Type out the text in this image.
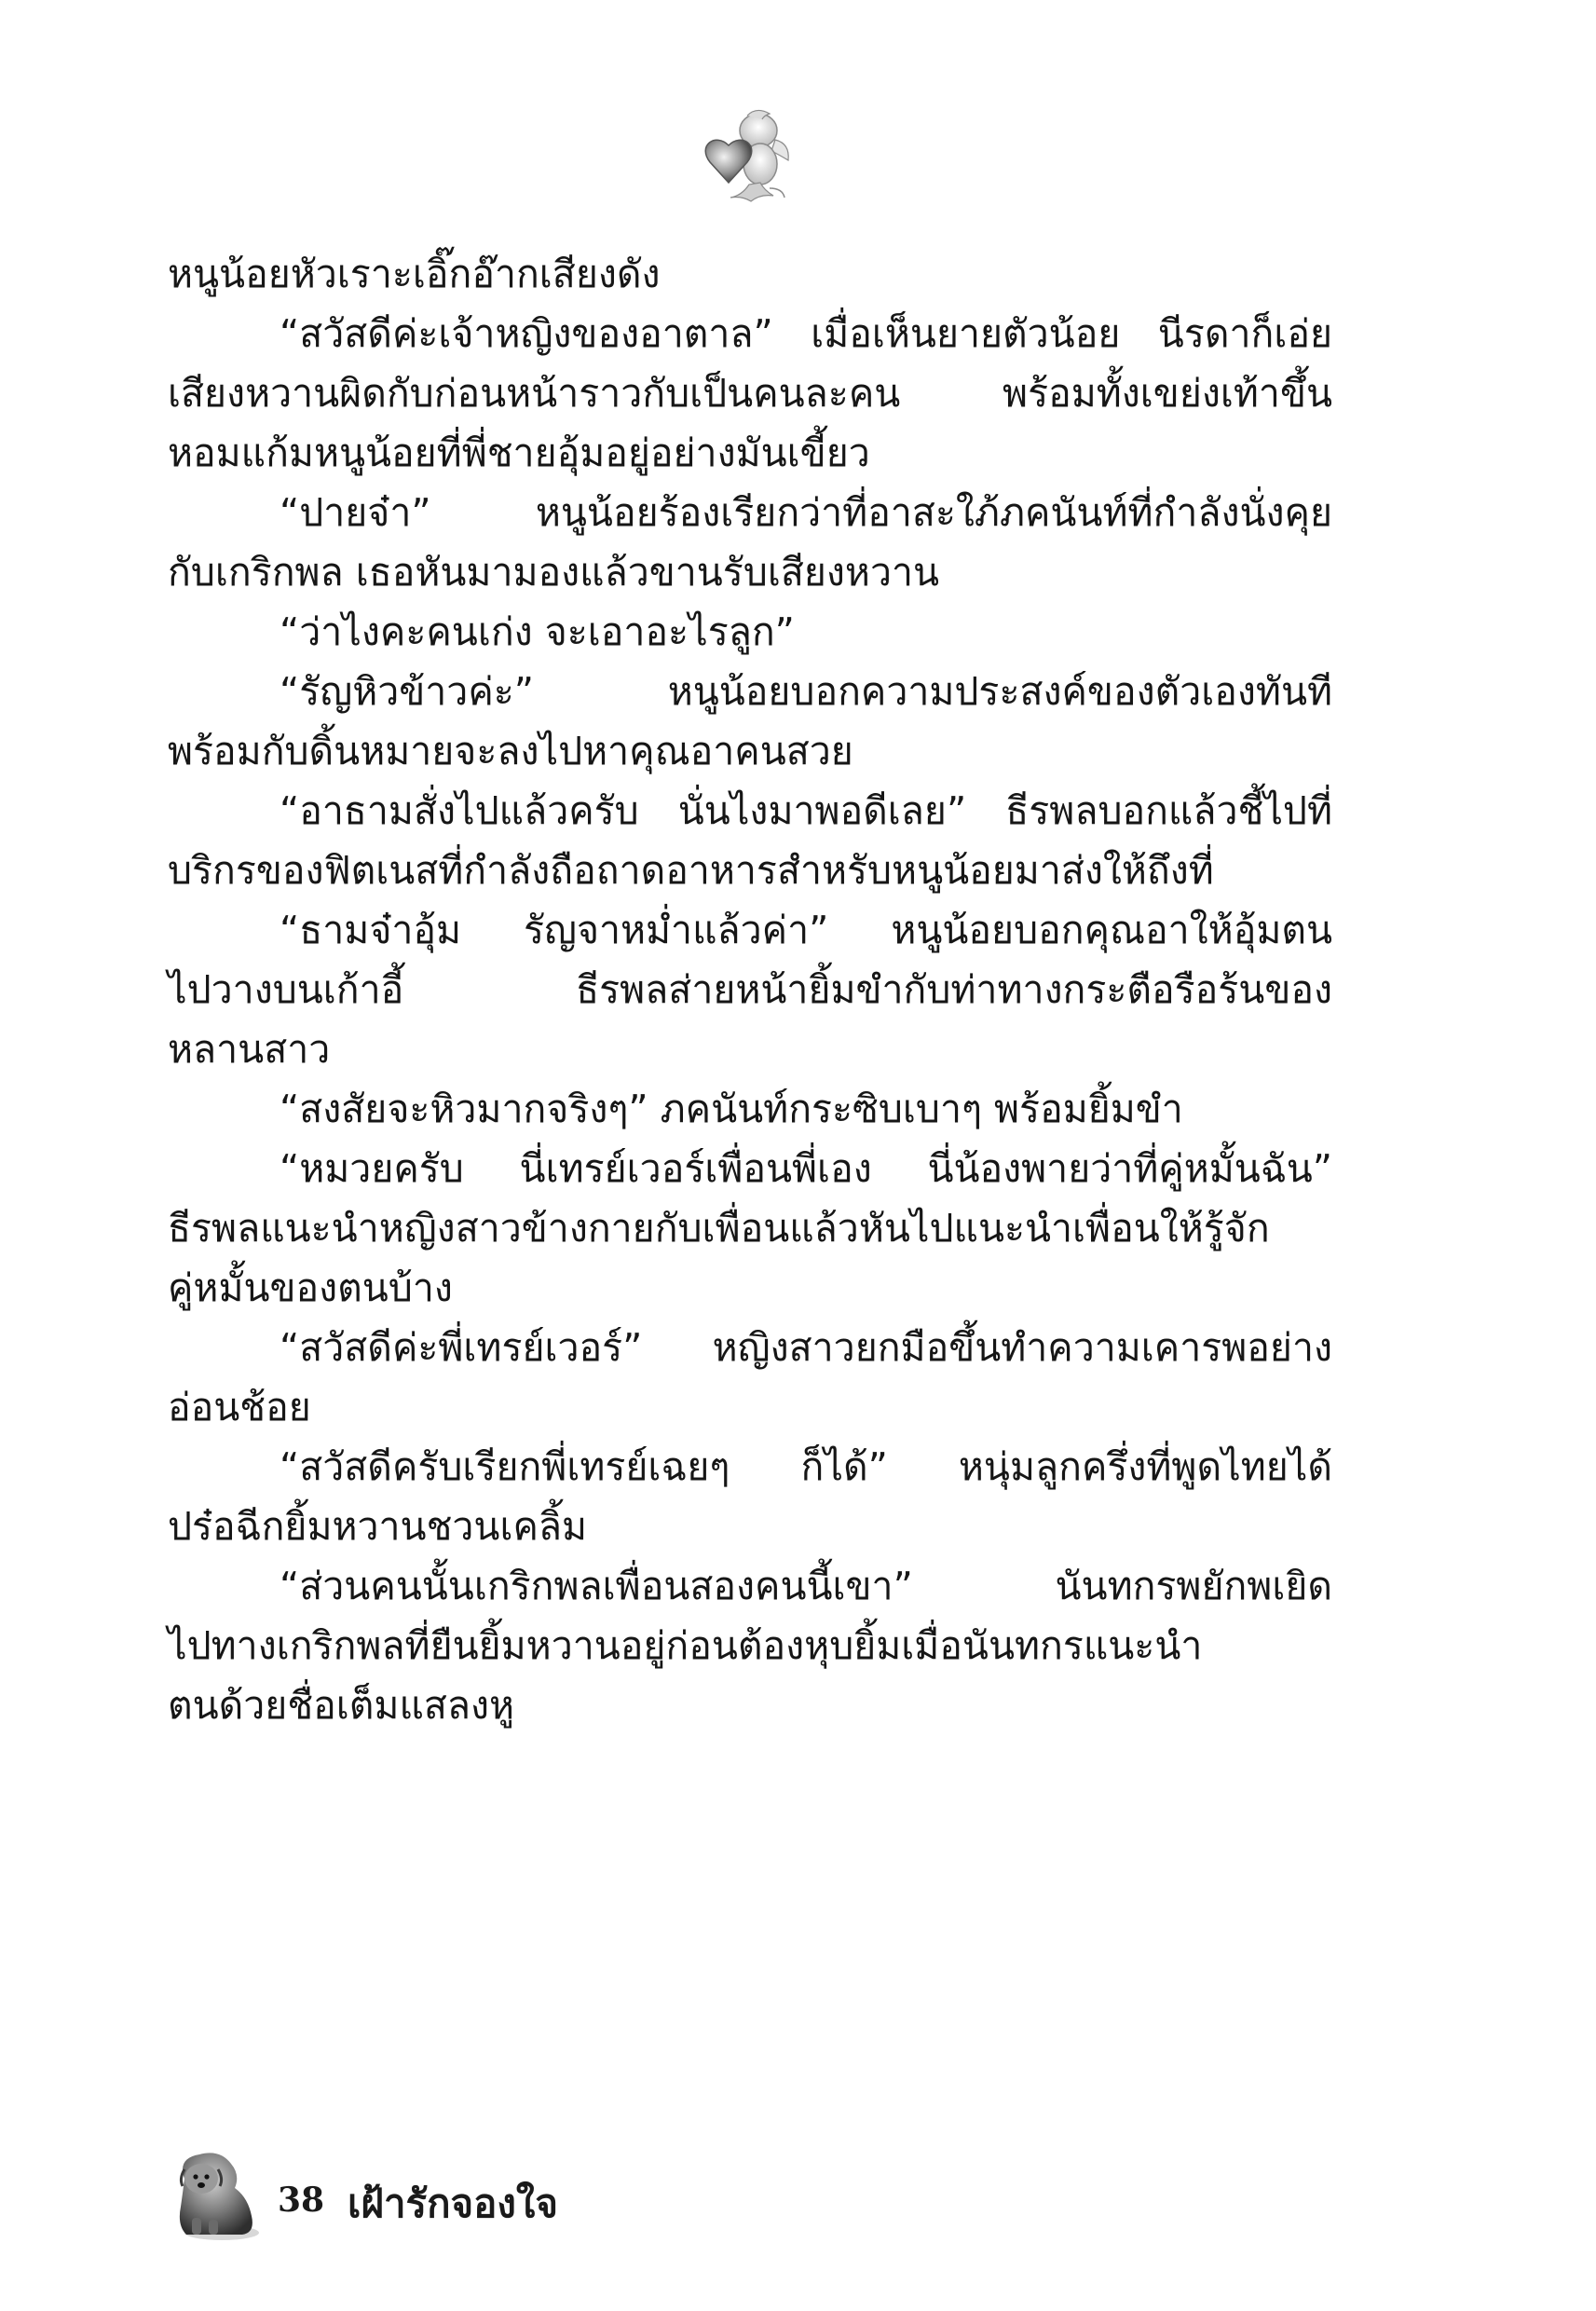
หนูน้อยหัวเราะเอิ๊กอ๊ากเสียงดัง
“สวัสดีค่ะเจ้าหญิงของอาตาล” เมื่อเห็นยายตัวน้อย นีรดาก็เอ่ย
เสียงหวานผิดกับก่อนหน้าราวกับเป็นคนละคน พร้อมทั้งเขย่งเท้าขึ้น
หอมแก้มหนูน้อยที่พี่ชายอุ้มอยู่อย่างมันเขี้ยว
“ปายจ๋า” หนูน้อยร้องเรียกว่าที่อาสะใภ้ภคนันท์ที่กำลังนั่งคุย
กับเกริกพล เธอหันมามองแล้วขานรับเสียงหวาน
“ว่าไงคะคนเก่ง จะเอาอะไรลูก”
“รัญหิวข้าวค่ะ” หนูน้อยบอกความประสงค์ของตัวเองทันที
พร้อมกับดิ้นหมายจะลงไปหาคุณอาคนสวย
“อาธามสั่งไปแล้วครับ นั่นไงมาพอดีเลย” ธีรพลบอกแล้วชี้ไปที่
บริกรของฟิตเนสที่กำลังถือถาดอาหารสำหรับหนูน้อยมาส่งให้ถึงที่
“ธามจ๋าอุ้ม รัญจาหม่ำแล้วค่า” หนูน้อยบอกคุณอาให้อุ้มตน
ไปวางบนเก้าอี้ ธีรพลส่ายหน้ายิ้มขำกับท่าทางกระตือรือร้นของ
หลานสาว
“สงสัยจะหิวมากจริงๆ” ภคนันท์กระซิบเบาๆ พร้อมยิ้มขำ
“หมวยครับ นี่เทรย์เวอร์เพื่อนพี่เอง นี่น้องพายว่าที่คู่หมั้นฉัน”
ธีรพลแนะนำหญิงสาวข้างกายกับเพื่อนแล้วหันไปแนะนำเพื่อนให้รู้จัก
คู่หมั้นของตนบ้าง
“สวัสดีค่ะพี่เทรย์เวอร์” หญิงสาวยกมือขึ้นทำความเคารพอย่าง
อ่อนช้อย
“สวัสดีครับเรียกพี่เทรย์เฉยๆ ก็ได้” หนุ่มลูกครึ่งที่พูดไทยได้
ปร๋อฉีกยิ้มหวานชวนเคลิ้ม
“ส่วนคนนั้นเกริกพลเพื่อนสองคนนี้เขา” นันทกรพยักพเยิด
ไปทางเกริกพลที่ยืนยิ้มหวานอยู่ก่อนต้องหุบยิ้มเมื่อนันทกรแนะนำ
ตนด้วยชื่อเต็มแสลงหู
38 เฝ้ารักจองใจ
